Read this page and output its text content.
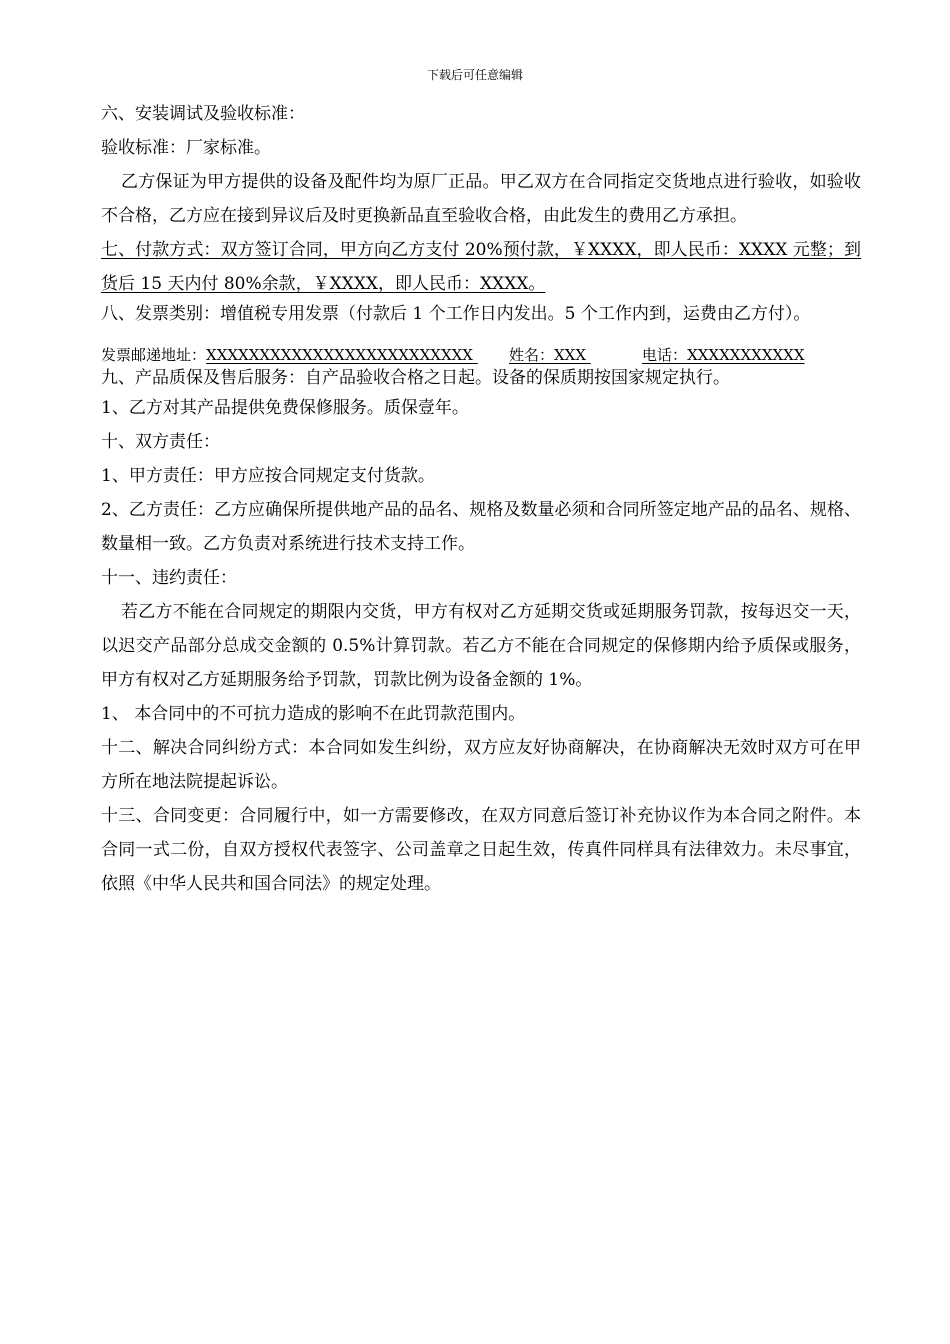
下载后可任意编辑

六、安装调试及验收标准：

验收标准：厂家标准。

乙方保证为甲方提供的设备及配件均为原厂正品。甲乙双方在合同指定交货地点进行验收，如验收不合格，乙方应在接到异议后及时更换新品直至验收合格，由此发生的费用乙方承担。

七、付款方式：双方签订合同，甲方向乙方支付 20%预付款，￥XXXX，即人民币：XXXX 元整；到货后 15 天内付 80%余款，￥XXXX，即人民币：XXXX。

八、发票类别：增值税专用发票（付款后 1 个工作日内发出。5 个工作内到，运费由乙方付）。

发票邮递地址：XXXXXXXXXXXXXXXXXXXXXXXXX 姓名：XXX	电话：XXXXXXXXXXX

九、产品质保及售后服务：自产品验收合格之日起。设备的保质期按国家规定执行。

1、乙方对其产品提供免费保修服务。质保壹年。

十、双方责任：

1、甲方责任：甲方应按合同规定支付货款。

2、乙方责任：乙方应确保所提供地产品的品名、规格及数量必须和合同所签定地产品的品名、规格、数量相一致。乙方负责对系统进行技术支持工作。

十一、违约责任：

若乙方不能在合同规定的期限内交货，甲方有权对乙方延期交货或延期服务罚款，按每迟交一天，以迟交产品部分总成交金额的 0.5%计算罚款。若乙方不能在合同规定的保修期内给予质保或服务，甲方有权对乙方延期服务给予罚款，罚款比例为设备金额的 1%。

1、 本合同中的不可抗力造成的影响不在此罚款范围内。

十二、解决合同纠纷方式：本合同如发生纠纷，双方应友好协商解决，在协商解决无效时双方可在甲方所在地法院提起诉讼。

十三、合同变更：合同履行中，如一方需要修改，在双方同意后签订补充协议作为本合同之附件。本合同一式二份，自双方授权代表签字、公司盖章之日起生效，传真件同样具有法律效力。未尽事宜，依照《中华人民共和国合同法》的规定处理。
